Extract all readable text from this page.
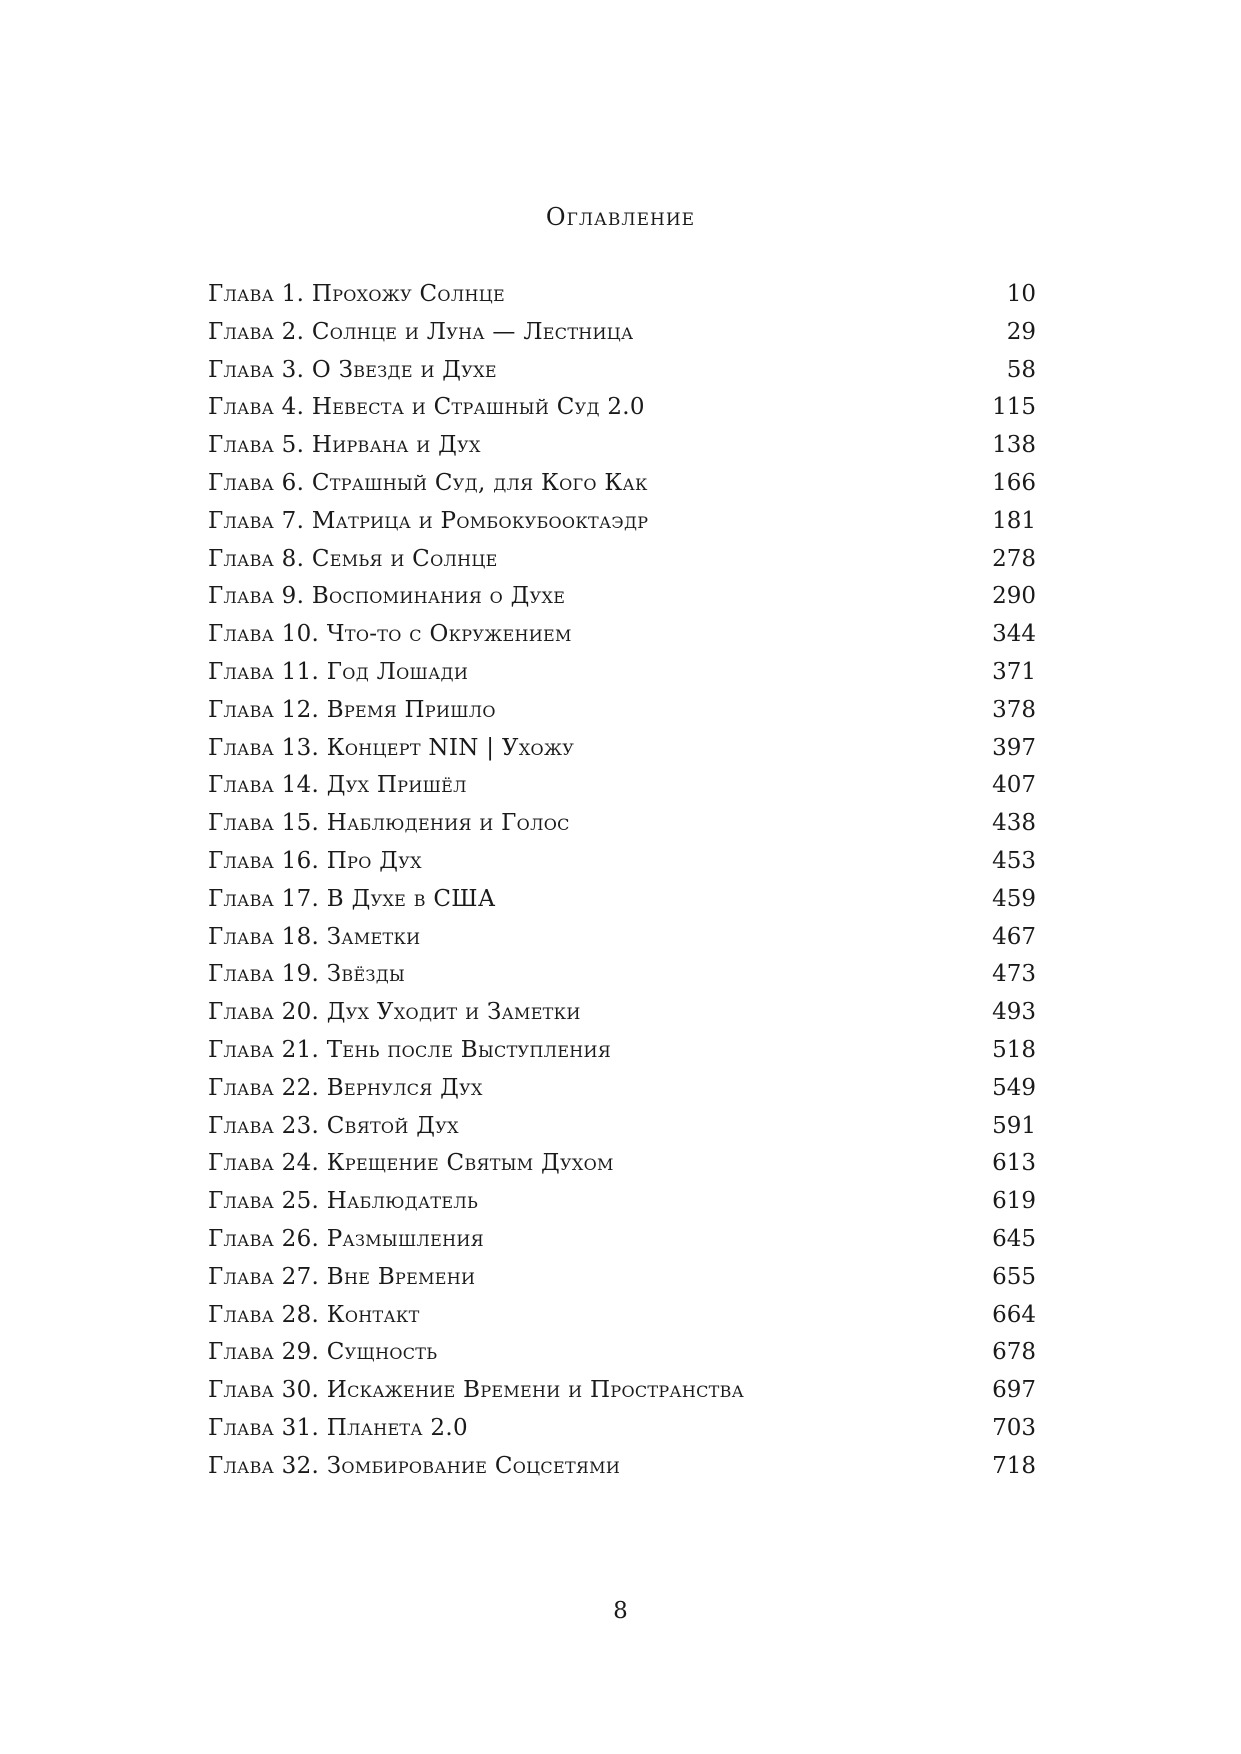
Оглавление
Глава 1. Прохожу Солнце	10
Глава 2. Солнце и Луна — Лестница	29
Глава 3. О Звезде и Духе	58
Глава 4. Невеста и Страшный Суд 2.0	115
Глава 5. Нирвана и Дух	138
Глава 6. Страшный Суд, для Кого Как	166
Глава 7. Матрица и Ромбокубооктаэдр	181
Глава 8. Семья и Солнце	278
Глава 9. Воспоминания о Духе	290
Глава 10. Что-то с Окружением	344
Глава 11. Год Лошади	371
Глава 12. Время Пришло	378
Глава 13. Концерт NIN | Ухожу	397
Глава 14. Дух Пришёл	407
Глава 15. Наблюдения и Голос	438
Глава 16. Про Дух	453
Глава 17. В Духе в США	459
Глава 18. Заметки	467
Глава 19. Звёзды	473
Глава 20. Дух Уходит и Заметки	493
Глава 21. Тень после Выступления	518
Глава 22. Вернулся Дух	549
Глава 23. Святой Дух	591
Глава 24. Крещение Святым Духом	613
Глава 25. Наблюдатель	619
Глава 26. Размышления	645
Глава 27. Вне Времени	655
Глава 28. Контакт	664
Глава 29. Сущность	678
Глава 30. Искажение Времени и Пространства	697
Глава 31. Планета 2.0	703
Глава 32. Зомбирование Соцсетями	718
8
